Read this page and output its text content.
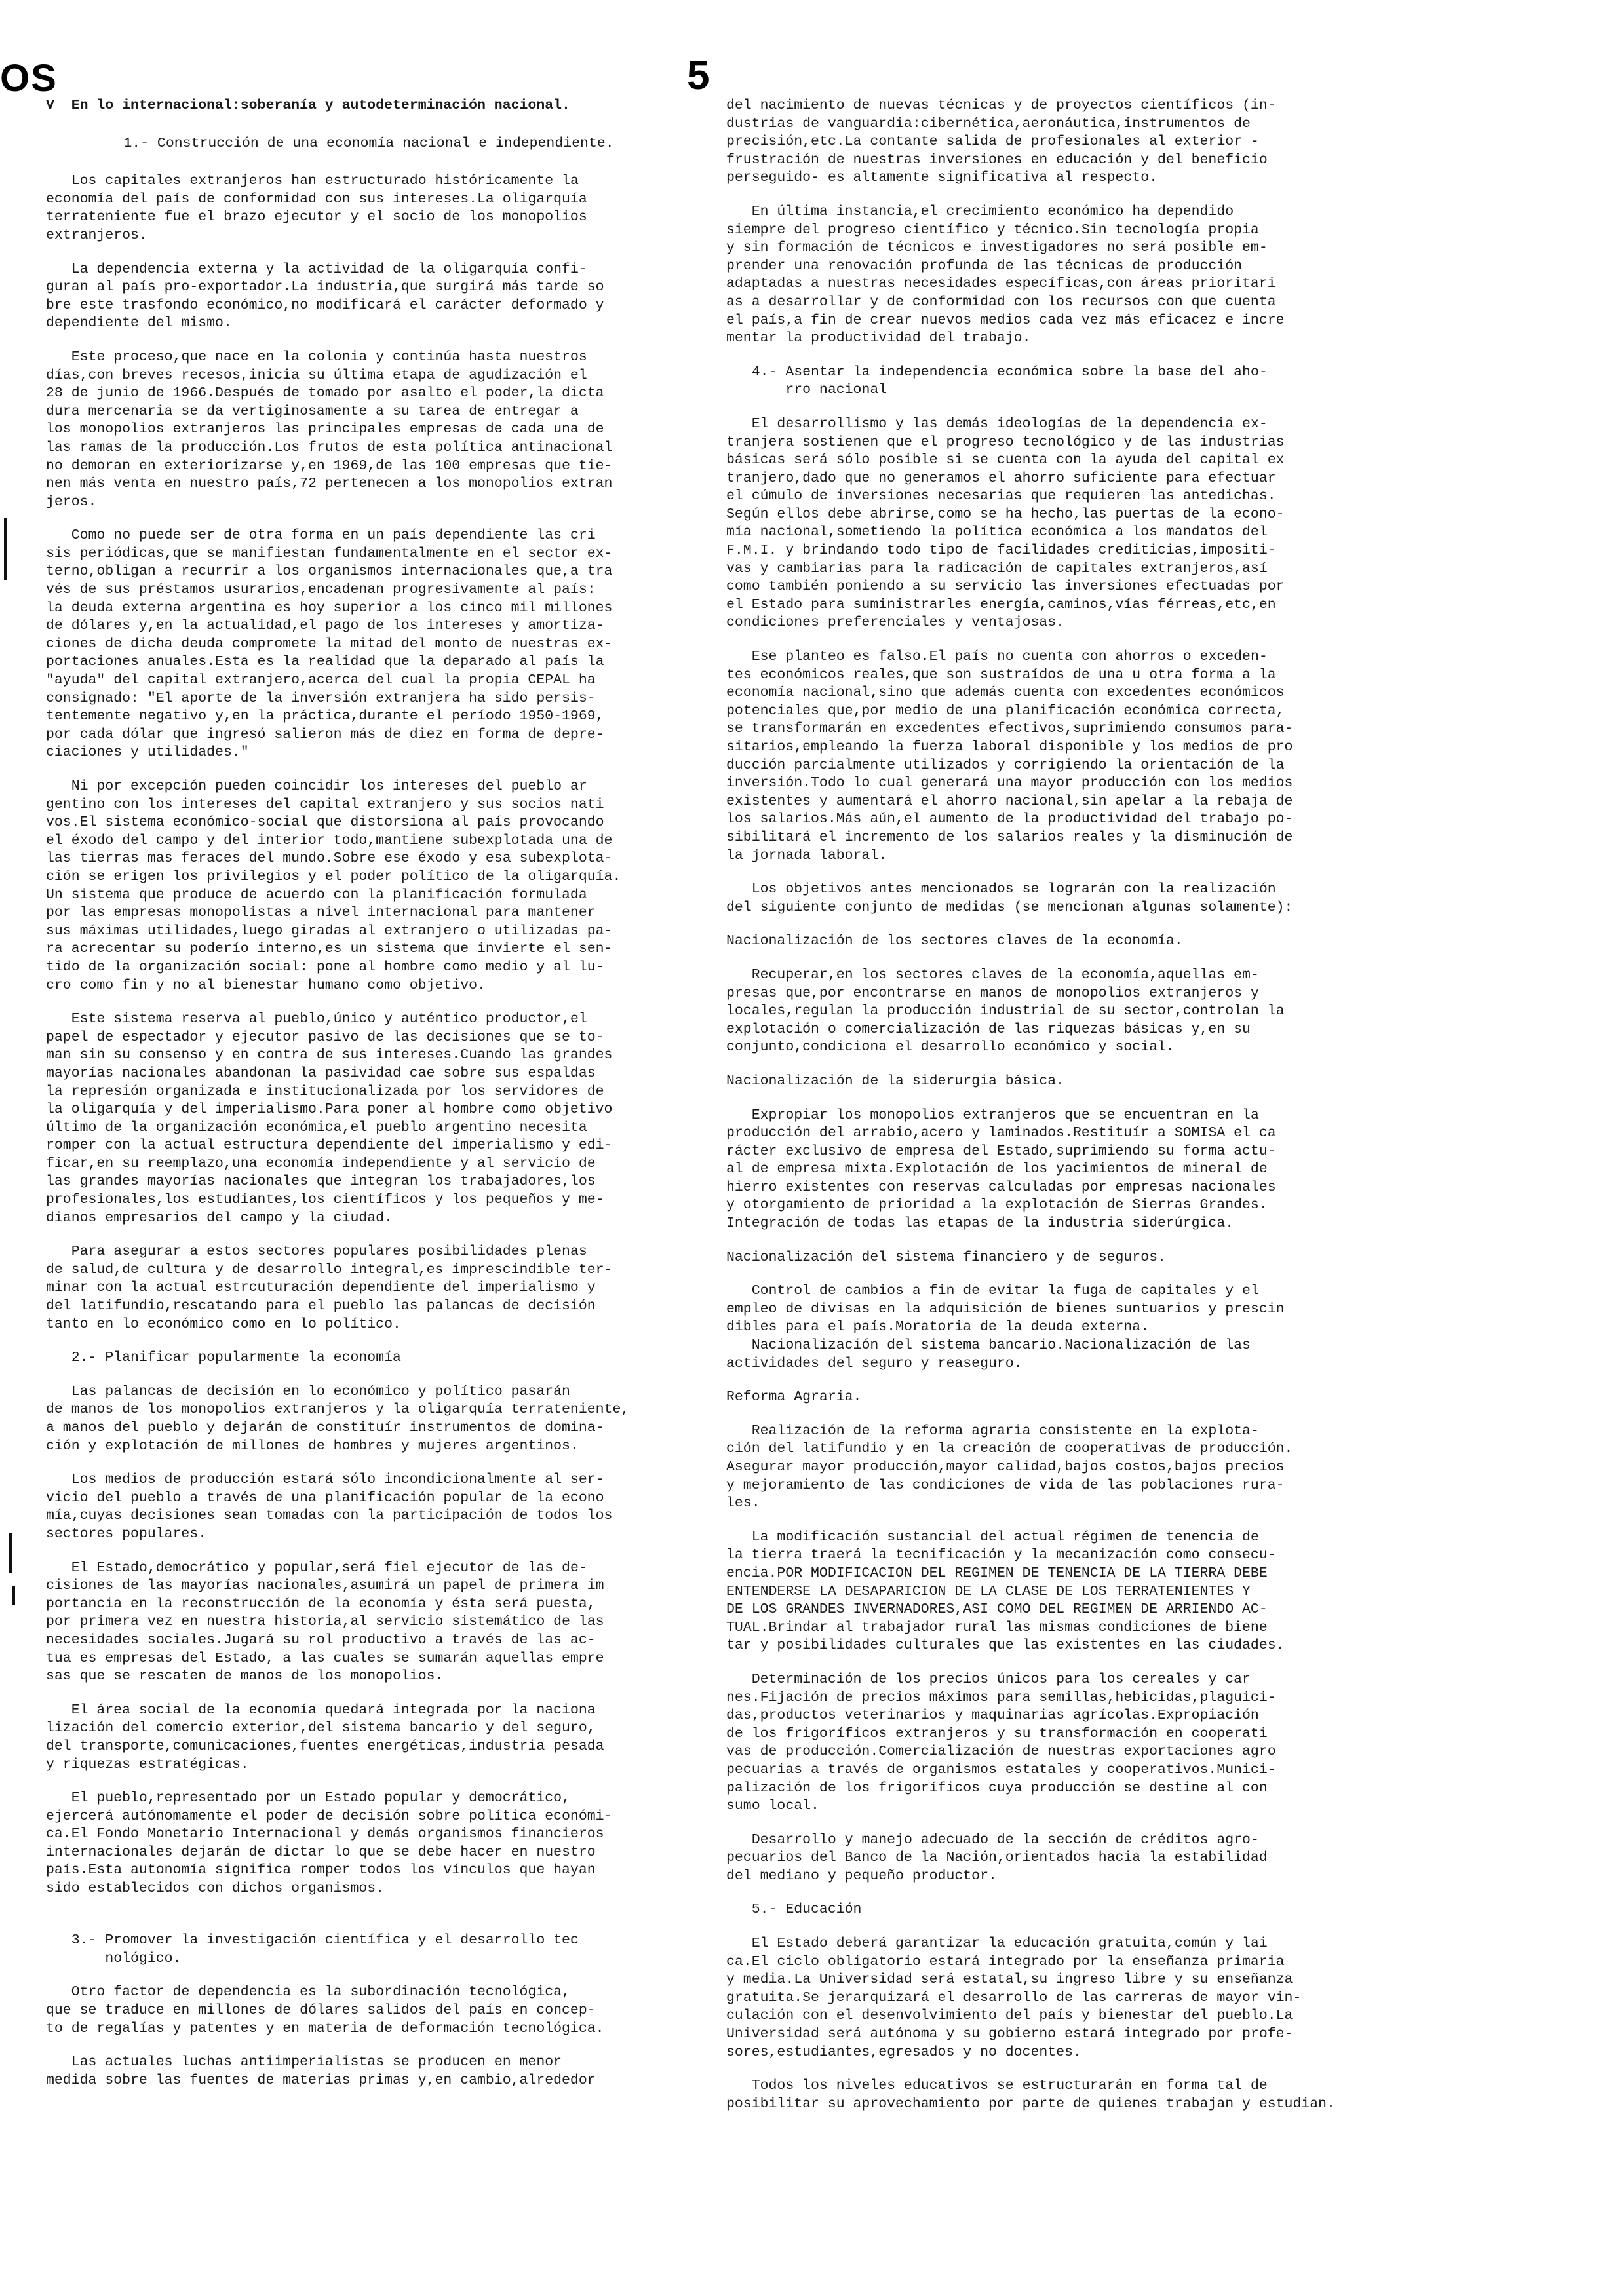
OS	5

V  En lo internacional:soberanía y autodeterminación nacional.

1.- Construcción de una economía nacional e independiente.

Los capitales extranjeros han estructurado históricamente la
economía del país de conformidad con sus intereses.La oligarquía
terrateniente fue el brazo ejecutor y el socio de los monopolios
extranjeros.

La dependencia externa y la actividad de la oligarquía confi-
guran al país pro-exportador.La industria,que surgirá más tarde so
bre este trasfondo económico,no modificará el carácter deformado y
dependiente del mismo.

Este proceso,que nace en la colonia y continúa hasta nuestros
días,con breves recesos,inicia su última etapa de agudización el
28 de junio de 1966.Después de tomado por asalto el poder,la dicta
dura mercenaria se da vertiginosamente a su tarea de entregar a
los monopolios extranjeros las principales empresas de cada una de
las ramas de la producción.Los frutos de esta política antinacional
no demoran en exteriorizarse y,en 1969,de las 100 empresas que tie-
nen más venta en nuestro país,72 pertenecen a los monopolios extran
jeros.

Como no puede ser de otra forma en un país dependiente las cri
sis periódicas,que se manifiestan fundamentalmente en el sector ex-
terno,obligan a recurrir a los organismos internacionales que,a tra
vés de sus préstamos usurarios,encadenan progresivamente al país:
la deuda externa argentina es hoy superior a los cinco mil millones
de dólares y,en la actualidad,el pago de los intereses y amortiza-
ciones de dicha deuda compromete la mitad del monto de nuestras ex-
portaciones anuales.Esta es la realidad que la deparado al país la
"ayuda" del capital extranjero,acerca del cual la propia CEPAL ha
consignado: "El aporte de la inversión extranjera ha sido persis-
tentemente negativo y,en la práctica,durante el período 1950-1969,
por cada dólar que ingresó salieron más de diez en forma de depre-
ciaciones y utilidades."

Ni por excepción pueden coincidir los intereses del pueblo ar
gentino con los intereses del capital extranjero y sus socios nati
vos.El sistema económico-social que distorsiona al país provocando
el éxodo del campo y del interior todo,mantiene subexplotada una de
las tierras mas feraces del mundo.Sobre ese éxodo y esa subexplota-
ción se erigen los privilegios y el poder político de la oligarquía.
Un sistema que produce de acuerdo con la planificación formulada
por las empresas monopolistas a nivel internacional para mantener
sus máximas utilidades,luego giradas al extranjero o utilizadas pa-
ra acrecentar su poderío interno,es un sistema que invierte el sen-
tido de la organización social: pone al hombre como medio y al lu-
cro como fin y no al bienestar humano como objetivo.

Este sistema reserva al pueblo,único y auténtico productor,el
papel de espectador y ejecutor pasivo de las decisiones que se to-
man sin su consenso y en contra de sus intereses.Cuando las grandes
mayorías nacionales abandonan la pasividad cae sobre sus espaldas
la represión organizada e institucionalizada por los servidores de
la oligarquía y del imperialismo.Para poner al hombre como objetivo
último de la organización económica,el pueblo argentino necesita
romper con la actual estructura dependiente del imperialismo y edi-
ficar,en su reemplazo,una economía independiente y al servicio de
las grandes mayorías nacionales que integran los trabajadores,los
profesionales,los estudiantes,los científicos y los pequeños y me-
dianos empresarios del campo y la ciudad.

Para asegurar a estos sectores populares posibilidades plenas
de salud,de cultura y de desarrollo integral,es imprescindible ter-
minar con la actual estrcuturación dependiente del imperialismo y
del latifundio,rescatando para el pueblo las palancas de decisión
tanto en lo económico como en lo político.

2.- Planificar popularmente la economía

Las palancas de decisión en lo económico y político pasarán
de manos de los monopolios extranjeros y la oligarquía terrateniente,
a manos del pueblo y dejarán de constituír instrumentos de domina-
ción y explotación de millones de hombres y mujeres argentinos.

Los medios de producción estará sólo incondicionalmente al ser-
vicio del pueblo a través de una planificación popular de la econo
mía,cuyas decisiones sean tomadas con la participación de todos los
sectores populares.

El Estado,democrático y popular,será fiel ejecutor de las de-
cisiones de las mayorías nacionales,asumirá un papel de primera im
portancia en la reconstrucción de la economía y ésta será puesta,
por primera vez en nuestra historia,al servicio sistemático de las
necesidades sociales.Jugará su rol productivo a través de las ac-
tua es empresas del Estado, a las cuales se sumarán aquellas empre
sas que se rescaten de manos de los monopolios.

El área social de la economía quedará integrada por la naciona
lización del comercio exterior,del sistema bancario y del seguro,
del transporte,comunicaciones,fuentes energéticas,industria pesada
y riquezas estratégicas.

El pueblo,representado por un Estado popular y democrático,
ejercerá autónomamente el poder de decisión sobre política económi-
ca.El Fondo Monetario Internacional y demás organismos financieros
internacionales dejarán de dictar lo que se debe hacer en nuestro
país.Esta autonomía significa romper todos los vínculos que hayan
sido establecidos con dichos organismos.

3.- Promover la investigación científica y el desarrollo tec
nológico.

Otro factor de dependencia es la subordinación tecnológica,
que se traduce en millones de dólares salidos del país en concep-
to de regalías y patentes y en materia de deformación tecnológica.

Las actuales luchas antiimperialistas se producen en menor
medida sobre las fuentes de materias primas y,en cambio,alrededor

del nacimiento de nuevas técnicas y de proyectos científicos (in-
dustrias de vanguardia:cibernética,aeronáutica,instrumentos de
precisión,etc.La contante salida de profesionales al exterior -
frustración de nuestras inversiones en educación y del beneficio
perseguido- es altamente significativa al respecto.

En última instancia,el crecimiento económico ha dependido
siempre del progreso científico y técnico.Sin tecnología propia
y sin formación de técnicos e investigadores no será posible em-
prender una renovación profunda de las técnicas de producción
adaptadas a nuestras necesidades específicas,con áreas prioritari
as a desarrollar y de conformidad con los recursos con que cuenta
el país,a fin de crear nuevos medios cada vez más eficacez e incre
mentar la productividad del trabajo.

4.- Asentar la independencia económica sobre la base del aho-
rro nacional

El desarrollismo y las demás ideologías de la dependencia ex-
tranjera sostienen que el progreso tecnológico y de las industrias
básicas será sólo posible si se cuenta con la ayuda del capital ex
tranjero,dado que no generamos el ahorro suficiente para efectuar
el cúmulo de inversiones necesarias que requieren las antedichas.
Según ellos debe abrirse,como se ha hecho,las puertas de la econo-
mía nacional,sometiendo la política económica a los mandatos del
F.M.I. y brindando todo tipo de facilidades crediticias,impositi-
vas y cambiarias para la radicación de capitales extranjeros,así
como también poniendo a su servicio las inversiones efectuadas por
el Estado para suministrarles energía,caminos,vías férreas,etc,en
condiciones preferenciales y ventajosas.

Ese planteo es falso.El país no cuenta con ahorros o exceden-
tes económicos reales,que son sustraídos de una u otra forma a la
economía nacional,sino que además cuenta con excedentes económicos
potenciales que,por medio de una planificación económica correcta,
se transformarán en excedentes efectivos,suprimiendo consumos para-
sitarios,empleando la fuerza laboral disponible y los medios de pro
ducción parcialmente utilizados y corrigiendo la orientación de la
inversión.Todo lo cual generará una mayor producción con los medios
existentes y aumentará el ahorro nacional,sin apelar a la rebaja de
los salarios.Más aún,el aumento de la productividad del trabajo po-
sibilitará el incremento de los salarios reales y la disminución de
la jornada laboral.

Los objetivos antes mencionados se lograrán con la realización
del siguiente conjunto de medidas (se mencionan algunas solamente):

Nacionalización de los sectores claves de la economía.

Recuperar,en los sectores claves de la economía,aquellas em-
presas que,por encontrarse en manos de monopolios extranjeros y
locales,regulan la producción industrial de su sector,controlan la
explotación o comercialización de las riquezas básicas y,en su
conjunto,condiciona el desarrollo económico y social.

Nacionalización de la siderurgia básica.

Expropiar los monopolios extranjeros que se encuentran en la
producción del arrabio,acero y laminados.Restituír a SOMISA el ca
rácter exclusivo de empresa del Estado,suprimiendo su forma actu-
al de empresa mixta.Explotación de los yacimientos de mineral de
hierro existentes con reservas calculadas por empresas nacionales
y otorgamiento de prioridad a la explotación de Sierras Grandes.
Integración de todas las etapas de la industria siderúrgica.

Nacionalización del sistema financiero y de seguros.

Control de cambios a fin de evitar la fuga de capitales y el
empleo de divisas en la adquisición de bienes suntuarios y prescin
dibles para el país.Moratoria de la deuda externa.
Nacionalización del sistema bancario.Nacionalización de las
actividades del seguro y reaseguro.

Reforma Agraria.

Realización de la reforma agraria consistente en la explota-
ción del latifundio y en la creación de cooperativas de producción.
Asegurar mayor producción,mayor calidad,bajos costos,bajos precios
y mejoramiento de las condiciones de vida de las poblaciones rura-
les.

La modificación sustancial del actual régimen de tenencia de
la tierra traerá la tecnificación y la mecanización como consecu-
encia.POR MODIFICACION DEL REGIMEN DE TENENCIA DE LA TIERRA DEBE
ENTENDERSE LA DESAPARICION DE LA CLASE DE LOS TERRATENIENTES Y
DE LOS GRANDES INVERNADORES,ASI COMO DEL REGIMEN DE ARRIENDO AC-
TUAL.Brindar al trabajador rural las mismas condiciones de biene
tar y posibilidades culturales que las existentes en las ciudades.

Determinación de los precios únicos para los cereales y car
nes.Fijación de precios máximos para semillas,hebicidas,plaguici-
das,productos veterinarios y maquinarias agrícolas.Expropiación
de los frigoríficos extranjeros y su transformación en cooperati
vas de producción.Comercialización de nuestras exportaciones agro
pecuarias a través de organismos estatales y cooperativos.Munici-
palización de los frigoríficos cuya producción se destine al con
sumo local.

Desarrollo y manejo adecuado de la sección de créditos agro-
pecuarios del Banco de la Nación,orientados hacia la estabilidad
del mediano y pequeño productor.

5.- Educación

El Estado deberá garantizar la educación gratuita,común y lai
ca.El ciclo obligatorio estará integrado por la enseñanza primaria
y media.La Universidad será estatal,su ingreso libre y su enseñanza
gratuita.Se jerarquizará el desarrollo de las carreras de mayor vin-
culación con el desenvolvimiento del país y bienestar del pueblo.La
Universidad será autónoma y su gobierno estará integrado por profe-
sores,estudiantes,egresados y no docentes.

Todos los niveles educativos se estructurarán en forma tal de
posibilitar su aprovechamiento por parte de quienes trabajan y estudian.
